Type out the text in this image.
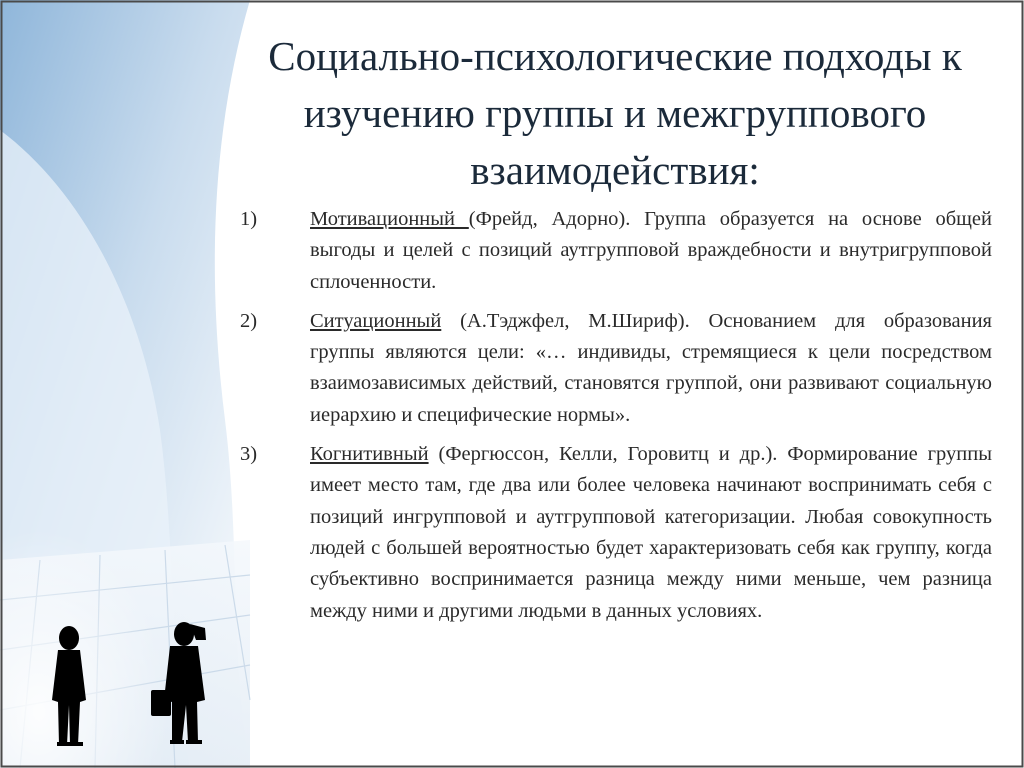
Социально-психологические подходы к изучению группы и межгруппового взаимодействия:
1)	Мотивационный (Фрейд, Адорно). Группа образуется на основе общей выгоды и целей с позиций аутгрупповой враждебности и внутригрупповой сплоченности.
2)	Ситуационный (А.Тэджфел, М.Шириф). Основанием для образования группы являются цели: «… индивиды, стремящиеся к цели посредством взаимозависимых действий, становятся группой, они развивают социальную иерархию и специфические нормы».
3)	Когнитивный (Фергюссон, Келли, Горовитц и др.). Формирование группы имеет место там, где два или более человека начинают воспринимать себя с позиций ингрупповой и аутгрупповой категоризации. Любая совокупность людей с большей вероятностью будет характеризовать себя как группу, когда субъективно воспринимается разница между ними меньше, чем разница между ними и другими людьми в данных условиях.
